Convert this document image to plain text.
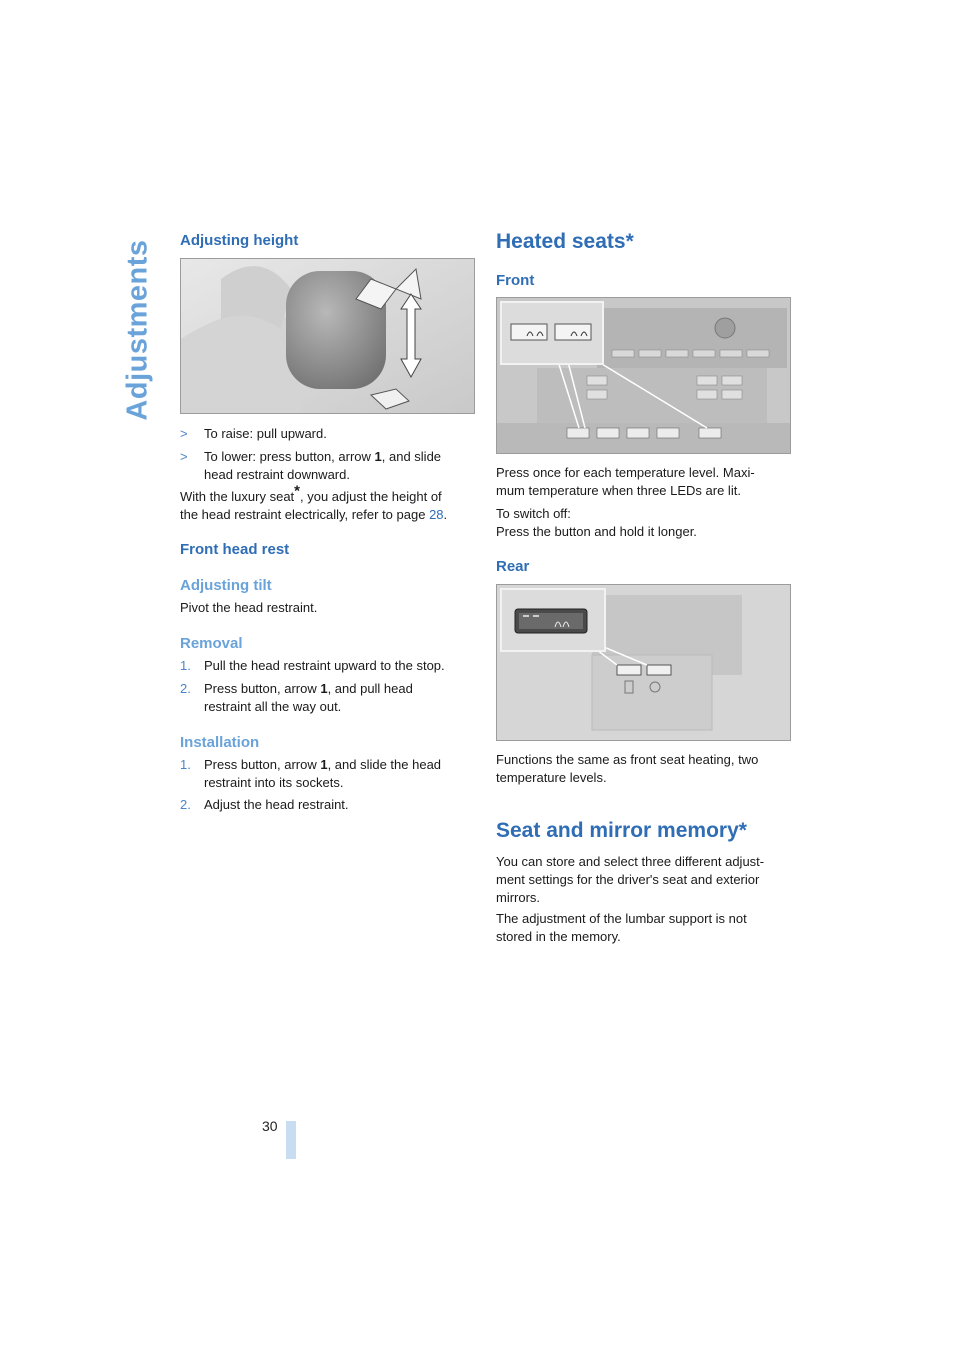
Adjustments Adjusting height
> To raise: pull upward.
> To lower: press button, arrow 1, and slide
head restraint downward.

With the luxury seat*, you adjust the height of
the head restraint electrically, refer to page 28.

Front head rest
Adjusting tilt

Pivot the head restraint.

Removal
1. Pull the head restraint upward to the stop.
2. Press button, arrow 1, and pull head
restraint all the way out.
Installation
1. Press button, arrow 1, and slide the head
restraint into its sockets.
2. Adjust the head restraint.
Heated seats*
Front

Press once for each temperature level. Maxi-
mum temperature when three LEDs are lit.

To switch off:
Press the button and hold it longer.

Rear

Functions the same as front seat heating, two
temperature levels.

Seat and mirror memory*

You can store and select three different adjust-
ment settings for the driver's seat and exterior
mirrors.

The adjustment of the lumbar support is not
stored in the memory.

30
